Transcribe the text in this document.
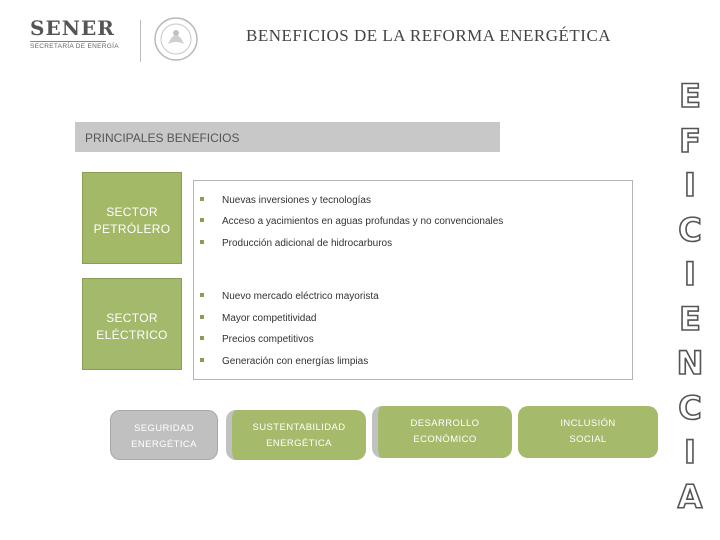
SENER
SECRETARÍA DE ENERGÍA
BENEFICIOS DE LA REFORMA ENERGÉTICA
PRINCIPALES BENEFICIOS
SECTOR
PETRÓLERO
SECTOR
ELÉCTRICO
Nuevas inversiones y tecnologías
Acceso a yacimientos en aguas profundas y no convencionales
Producción adicional de hidrocarburos
Nuevo mercado eléctrico mayorista
Mayor competitividad
Precios competitivos
Generación con energías limpias
SEGURIDAD
ENERGÉTICA
SUSTENTABILIDAD
ENERGÉTICA
DESARROLLO
ECONÓMICO
INCLUSIÓN
SOCIAL
E
F
I
C
I
E
N
C
I
A
